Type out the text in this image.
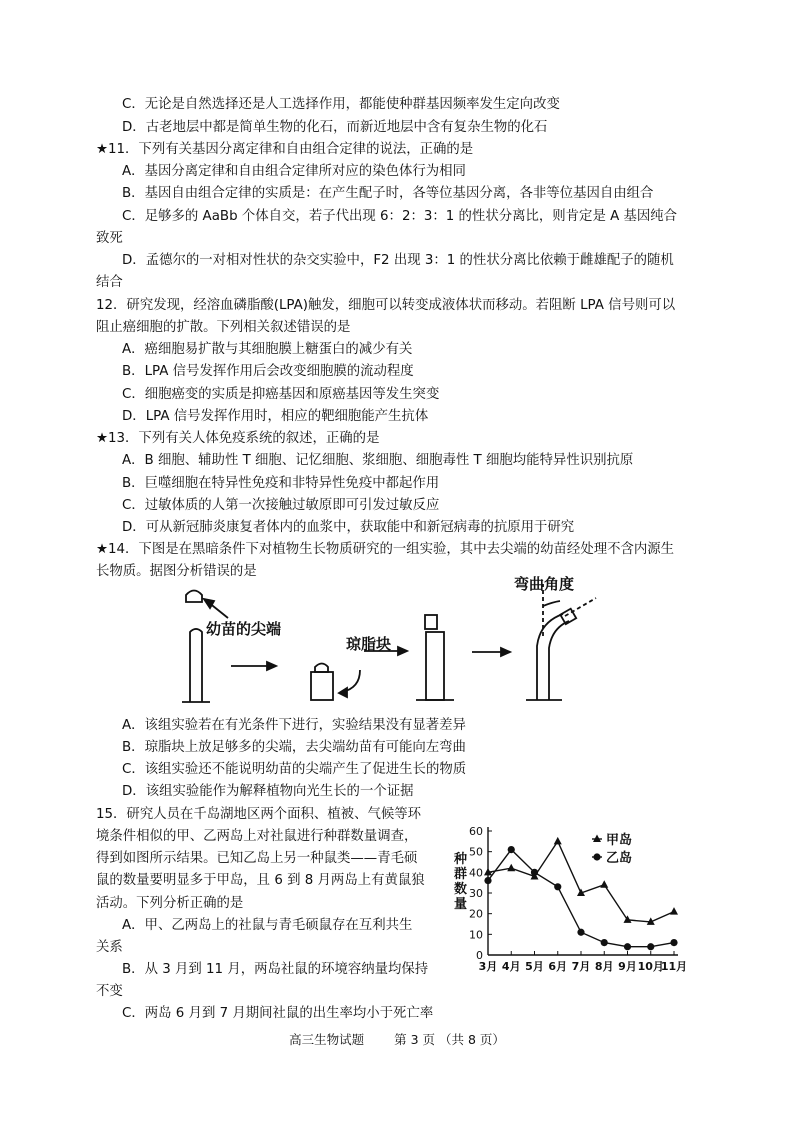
C．无论是自然选择还是人工选择作用，都能使种群基因频率发生定向改变
D．古老地层中都是简单生物的化石，而新近地层中含有复杂生物的化石
★11．下列有关基因分离定律和自由组合定律的说法，正确的是
A．基因分离定律和自由组合定律所对应的染色体行为相同
B．基因自由组合定律的实质是：在产生配子时，各等位基因分离，各非等位基因自由组合
C．足够多的 AaBb 个体自交，若子代出现 6：2：3：1 的性状分离比，则肯定是 A 基因纯合
致死
D．孟德尔的一对相对性状的杂交实验中，F2 出现 3：1 的性状分离比依赖于雌雄配子的随机
结合
12．研究发现，经溶血磷脂酸(LPA)触发，细胞可以转变成液体状而移动。若阻断 LPA 信号则可以
阻止癌细胞的扩散。下列相关叙述错误的是
A．癌细胞易扩散与其细胞膜上糖蛋白的减少有关
B．LPA 信号发挥作用后会改变细胞膜的流动程度
C．细胞癌变的实质是抑癌基因和原癌基因等发生突变
D．LPA 信号发挥作用时，相应的靶细胞能产生抗体
★13．下列有关人体免疫系统的叙述，正确的是
A．B 细胞、辅助性 T 细胞、记忆细胞、浆细胞、细胞毒性 T 细胞均能特异性识别抗原
B．巨噬细胞在特异性免疫和非特异性免疫中都起作用
C．过敏体质的人第一次接触过敏原即可引发过敏反应
D．可从新冠肺炎康复者体内的血浆中，获取能中和新冠病毒的抗原用于研究
★14．下图是在黑暗条件下对植物生长物质研究的一组实验，其中去尖端的幼苗经处理不含内源生
长物质。据图分析错误的是
幼苗的尖端
琼脂块
弯曲角度
A．该组实验若在有光条件下进行，实验结果没有显著差异
B．琼脂块上放足够多的尖端，去尖端幼苗有可能向左弯曲
C．该组实验还不能说明幼苗的尖端产生了促进生长的物质
D．该组实验能作为解释植物向光生长的一个证据
15．研究人员在千岛湖地区两个面积、植被、气候等环
境条件相似的甲、乙两岛上对社鼠进行种群数量调查，
得到如图所示结果。已知乙岛上另一种鼠类——青毛硕
鼠的数量要明显多于甲岛，且 6 到 8 月两岛上有黄鼠狼
活动。下列分析正确的是
A．甲、乙两岛上的社鼠与青毛硕鼠存在互利共生
关系
B．从 3 月到 11 月，两岛社鼠的环境容纳量均保持
不变
C．两岛 6 月到 7 月期间社鼠的出生率均小于死亡率
0
10
20
30
40
50
60
3月 4月 5月 6月 7月 8月 9月 10月
11月
甲岛
乙岛
种群数量
高三生物试题 第 3 页 （共 8 页）
